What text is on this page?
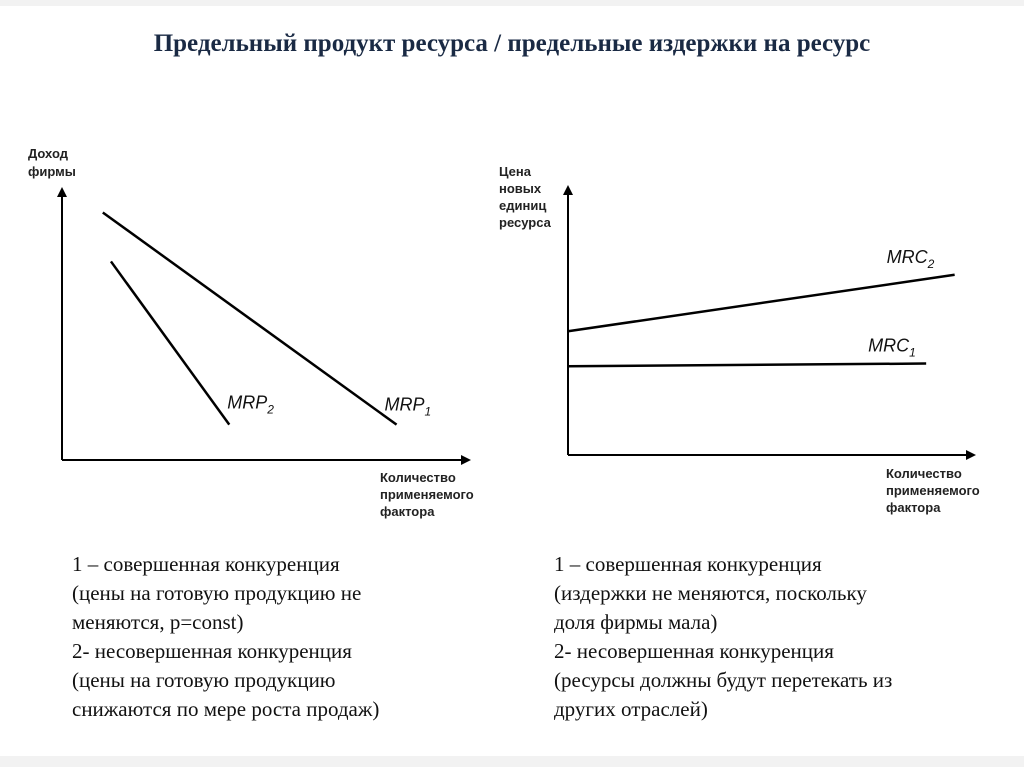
Предельный продукт ресурса / предельные издержки на ресурс
Доход
фирмы
Количество
применяемого
фактора
$MRP_1$
$MRP_2$
Цена
новых
единиц
ресурса
Количество
применяемого
фактора
$MRC_2$
$MRC_1$
1 – совершенная конкуренция
(цены на готовую продукцию не
меняются, p=const)
2- несовершенная конкуренция
(цены на готовую продукцию
снижаются по мере роста продаж)
1 – совершенная конкуренция
(издержки не меняются, поскольку
доля фирмы мала)
2- несовершенная конкуренция
(ресурсы должны будут перетекать из
других отраслей)
